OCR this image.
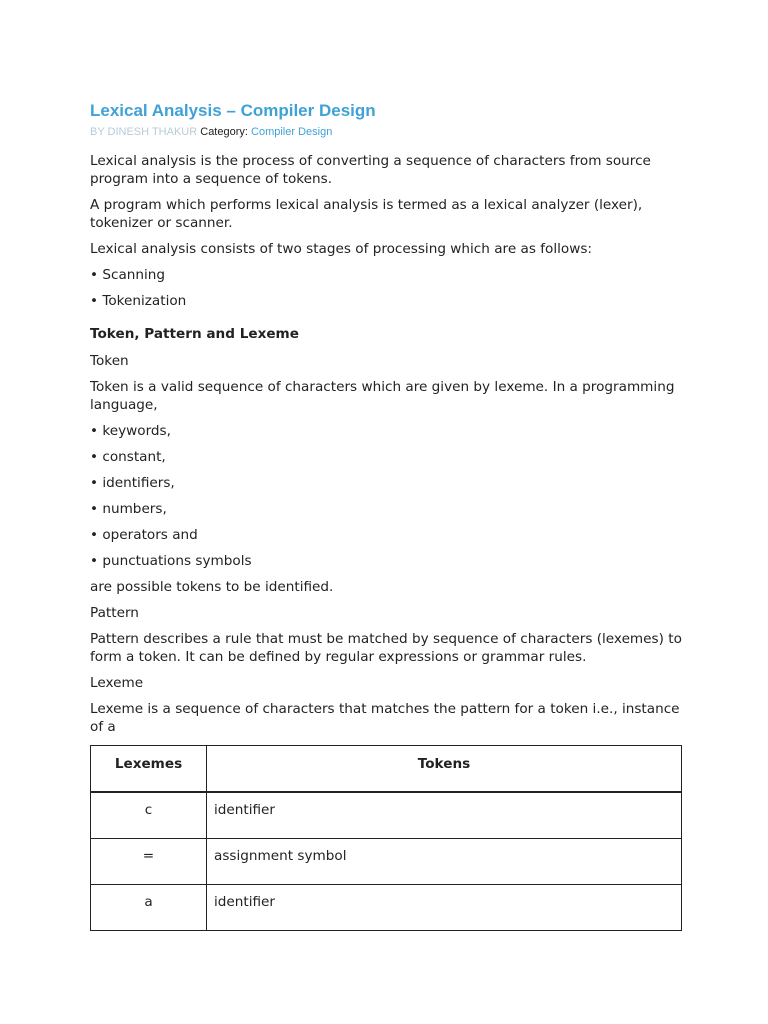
Lexical Analysis – Compiler Design
BY DINESH THAKUR Category: Compiler Design

Lexical analysis is the process of converting a sequence of characters from source program into a sequence of tokens.

A program which performs lexical analysis is termed as a lexical analyzer (lexer), tokenizer or scanner.

Lexical analysis consists of two stages of processing which are as follows:

• Scanning
• Tokenization
Token, Pattern and Lexeme

Token

Token is a valid sequence of characters which are given by lexeme. In a programming language,

• keywords,
• constant,
• identifiers,
• numbers,
• operators and
• punctuations symbols

are possible tokens to be identified.

Pattern

Pattern describes a rule that must be matched by sequence of characters (lexemes) to form a token. It can be defined by regular expressions or grammar rules.

Lexeme

Lexeme is a sequence of characters that matches the pattern for a token i.e., instance of a

Lexemes	Tokens
c	identifier
=	assignment symbol
a	identifier
